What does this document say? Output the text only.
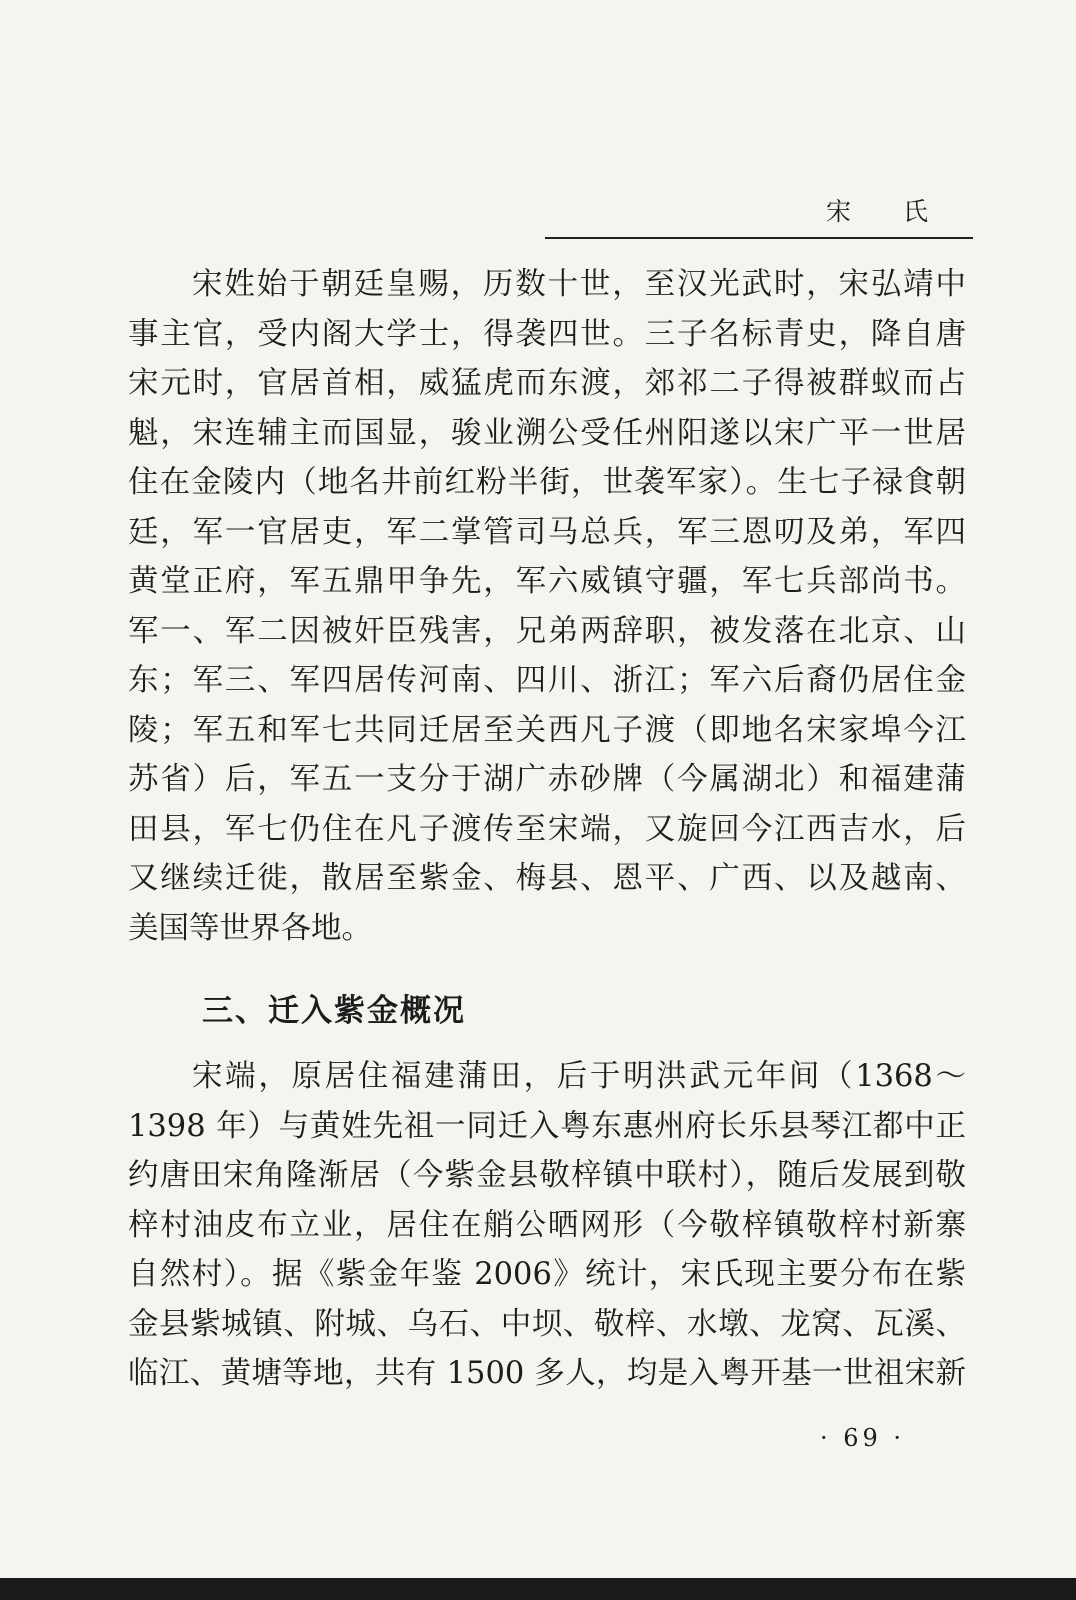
宋 氏
宋姓始于朝廷皇赐，历数十世，至汉光武时，宋弘靖中
事主官，受内阁大学士，得袭四世。三子名标青史，降自唐
宋元时，官居首相，威猛虎而东渡，郊祁二子得被群蚁而占
魁，宋连辅主而国显，骏业溯公受任州阳遂以宋广平一世居
住在金陵内（地名井前红粉半街，世袭军家）。生七子禄食朝
廷，军一官居吏，军二掌管司马总兵，军三恩叨及弟，军四
黄堂正府，军五鼎甲争先，军六威镇守疆，军七兵部尚书。
军一、军二因被奸臣残害，兄弟两辞职，被发落在北京、山
东；军三、军四居传河南、四川、浙江；军六后裔仍居住金
陵；军五和军七共同迁居至关西凡子渡（即地名宋家埠今江
苏省）后，军五一支分于湖广赤砂牌（今属湖北）和福建蒲
田县，军七仍住在凡子渡传至宋端，又旋回今江西吉水，后
又继续迁徙，散居至紫金、梅县、恩平、广西、以及越南、
美国等世界各地。
三、迁入紫金概况
宋端，原居住福建蒲田，后于明洪武元年间（1368～
1398 年）与黄姓先祖一同迁入粤东惠州府长乐县琴江都中正
约唐田宋角隆渐居（今紫金县敬梓镇中联村），随后发展到敬
梓村油皮布立业，居住在艄公晒网形（今敬梓镇敬梓村新寨
自然村）。据《紫金年鉴 2006》统计，宋氏现主要分布在紫
金县紫城镇、附城、乌石、中坝、敬梓、水墩、龙窝、瓦溪、
临江、黄塘等地，共有 1500 多人，均是入粤开基一世祖宋新
· 69 ·
